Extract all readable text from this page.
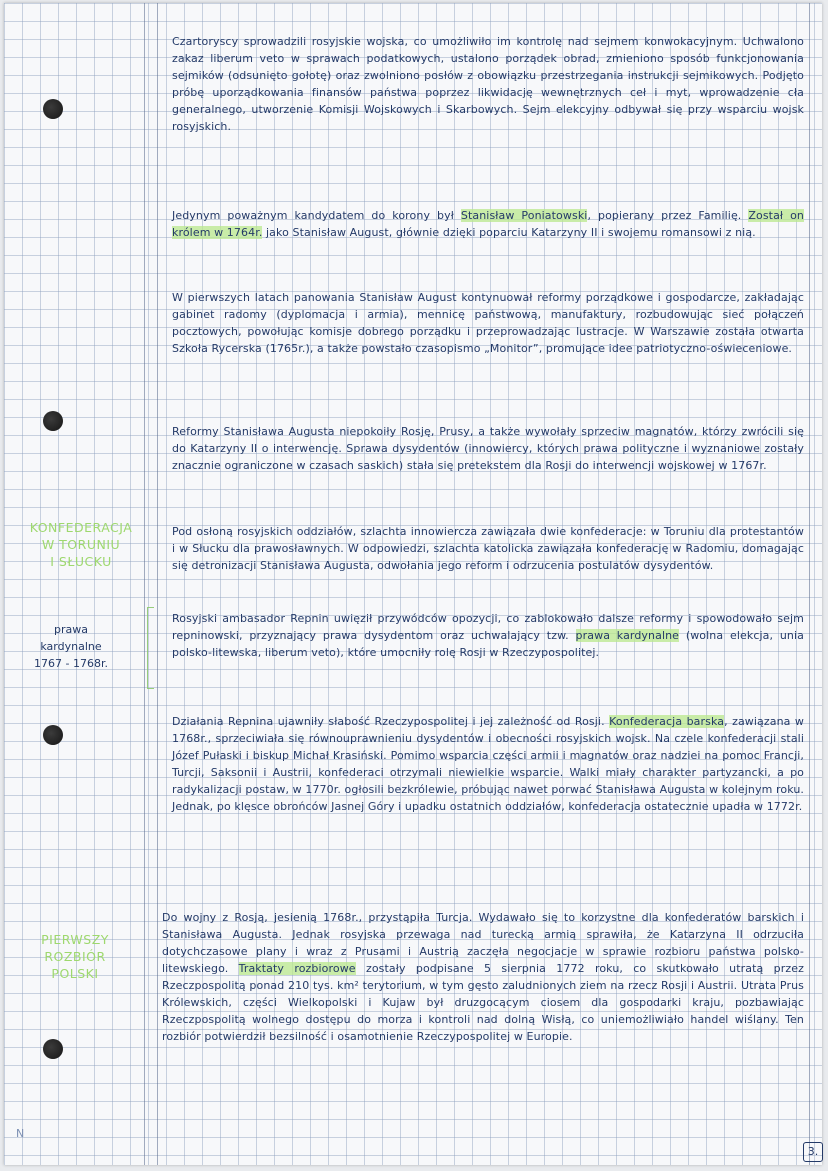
KONFEDERACJA
W TORUNIU
I SŁUCKU

prawa
kardynalne
1767 - 1768r.

PIERWSZY
ROZBIÓR
POLSKI

Czartoryscy sprowadzili rosyjskie wojska, co umożliwiło im kontrolę nad sejmem konwokacyjnym. Uchwalono zakaz liberum veto w sprawach podatkowych, ustalono porządek obrad, zmieniono sposób funkcjonowania sejmików (odsunięto gołotę) oraz zwolniono posłów z obowiązku przestrzegania instrukcji sejmikowych. Podjęto próbę uporządkowania finansów państwa poprzez likwidację wewnętrznych ceł i myt, wprowadzenie cła generalnego, utworzenie Komisji Wojskowych i Skarbowych. Sejm elekcyjny odbywał się przy wsparciu wojsk rosyjskich.

Jedynym poważnym kandydatem do korony był Stanisław Poniatowski, popierany przez Familię. Został on królem w 1764r. jako Stanisław August, głównie dzięki poparciu Katarzyny II i swojemu romansowi z nią.

W pierwszych latach panowania Stanisław August kontynuował reformy porządkowe i gospodarcze, zakładając gabinet radomy (dyplomacja i armia), mennicę państwową, manufaktury, rozbudowując sieć połączeń pocztowych, powołując komisje dobrego porządku i przeprowadzając lustracje. W Warszawie została otwarta Szkoła Rycerska (1765r.), a także powstało czasopismo „Monitor”, promujące idee patriotyczno-oświeceniowe.

Reformy Stanisława Augusta niepokoiły Rosję, Prusy, a także wywołały sprzeciw magnatów, którzy zwrócili się do Katarzyny II o interwencję. Sprawa dysydentów (innowiercy, których prawa polityczne i wyznaniowe zostały znacznie ograniczone w czasach saskich) stała się pretekstem dla Rosji do interwencji wojskowej w 1767r.

Pod osłoną rosyjskich oddziałów, szlachta innowiercza zawiązała dwie konfederacje: w Toruniu dla protestantów i w Słucku dla prawosławnych. W odpowiedzi, szlachta katolicka zawiązała konfederację w Radomiu, domagając się detronizacji Stanisława Augusta, odwołania jego reform i odrzucenia postulatów dysydentów.

Rosyjski ambasador Repnin uwięził przywódców opozycji, co zablokowało dalsze reformy i spowodowało sejm repninowski, przyznający prawa dysydentom oraz uchwalający tzw. prawa kardynalne (wolna elekcja, unia polsko-litewska, liberum veto), które umocniły rolę Rosji w Rzeczypospolitej.

Działania Repnina ujawniły słabość Rzeczypospolitej i jej zależność od Rosji. Konfederacja barska, zawiązana w 1768r., sprzeciwiała się równouprawnieniu dysydentów i obecności rosyjskich wojsk. Na czele konfederacji stali Józef Pułaski i biskup Michał Krasiński. Pomimo wsparcia części armii i magnatów oraz nadziei na pomoc Francji, Turcji, Saksonii i Austrii, konfederaci otrzymali niewielkie wsparcie. Walki miały charakter partyzancki, a po radykalizacji postaw, w 1770r. ogłosili bezkrólewie, próbując nawet porwać Stanisława Augusta w kolejnym roku. Jednak, po klęsce obrońców Jasnej Góry i upadku ostatnich oddziałów, konfederacja ostatecznie upadła w 1772r.

Do wojny z Rosją, jesienią 1768r., przystąpiła Turcja. Wydawało się to korzystne dla konfederatów barskich i Stanisława Augusta. Jednak rosyjska przewaga nad turecką armią sprawiła, że Katarzyna II odrzuciła dotychczasowe plany i wraz z Prusami i Austrią zaczęła negocjacje w sprawie rozbioru państwa polsko-litewskiego. Traktaty rozbiorowe zostały podpisane 5 sierpnia 1772 roku, co skutkowało utratą przez Rzeczpospolitą ponad 210 tys. km² terytorium, w tym gęsto zaludnionych ziem na rzecz Rosji i Austrii. Utrata Prus Królewskich, części Wielkopolski i Kujaw był druzgocącym ciosem dla gospodarki kraju, pozbawiając Rzeczpospolitą wolnego dostępu do morza i kontroli nad dolną Wisłą, co uniemożliwiało handel wiślany. Ten rozbiór potwierdził bezsilność i osamotnienie Rzeczypospolitej w Europie.

3.
N
